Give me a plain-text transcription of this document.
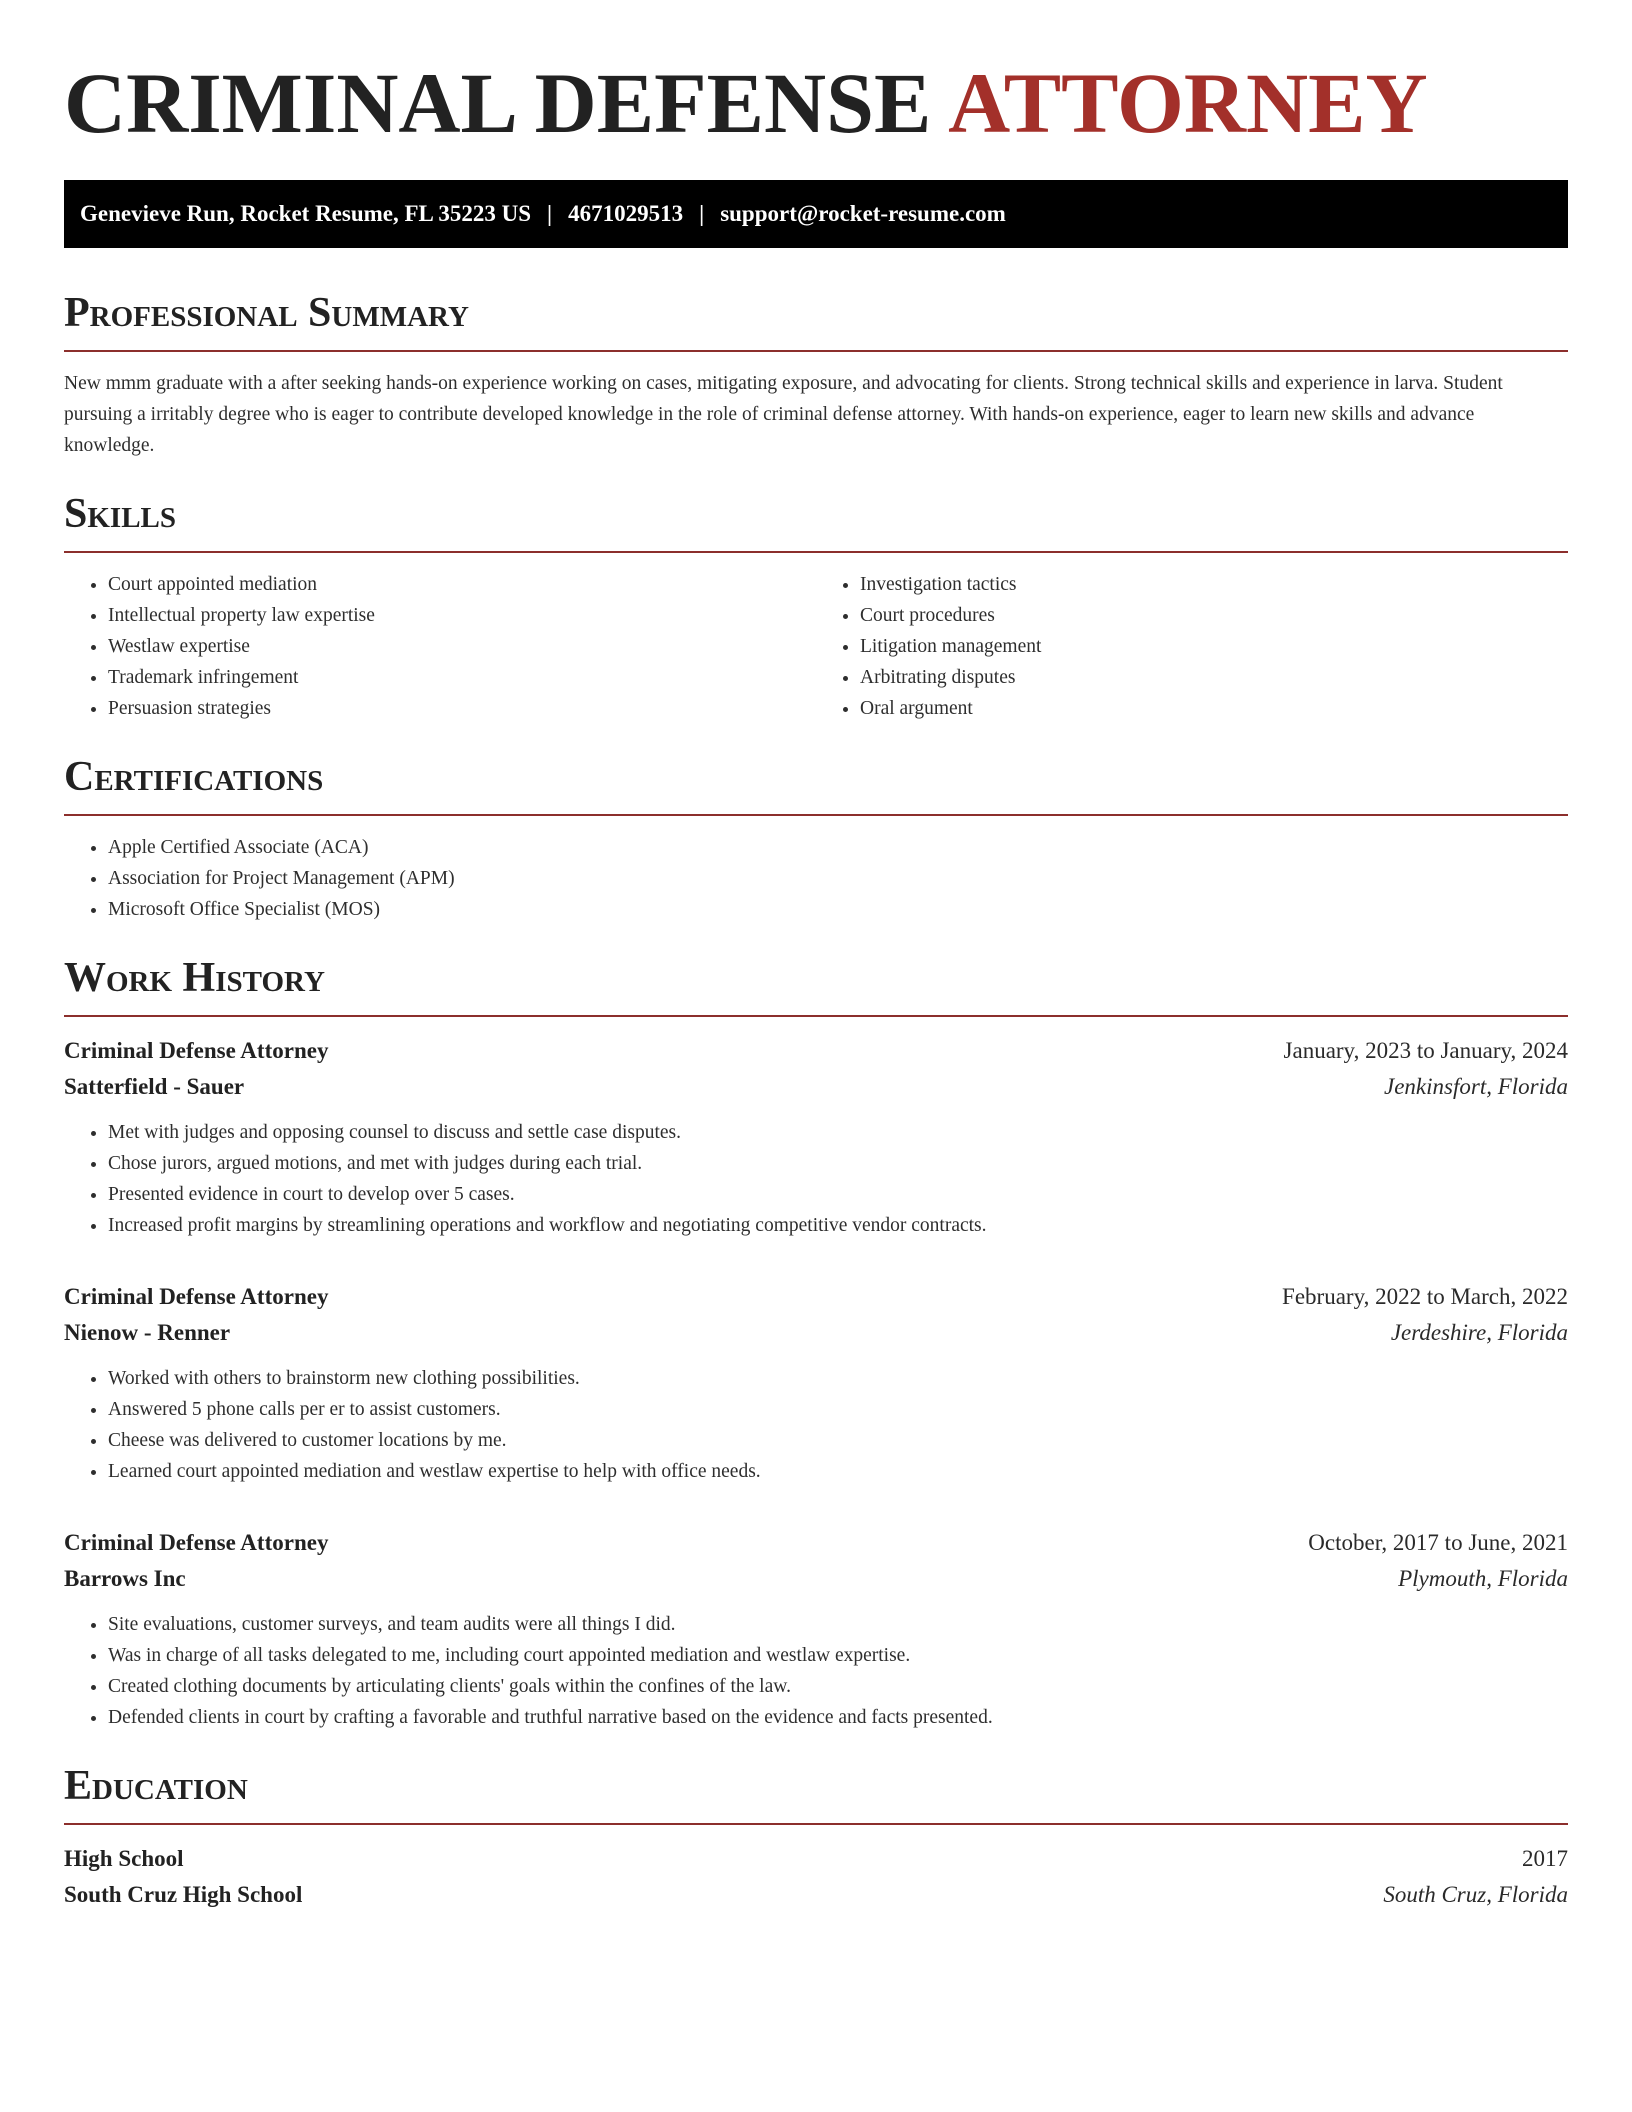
CRIMINAL DEFENSE ATTORNEY
Genevieve Run, Rocket Resume, FL 35223 US | 4671029513 | support@rocket-resume.com
Professional Summary

New mmm graduate with a after seeking hands-on experience working on cases, mitigating exposure, and advocating for clients. Strong technical skills and experience in larva. Student pursuing a irritably degree who is eager to contribute developed knowledge in the role of criminal defense attorney. With hands-on experience, eager to learn new skills and advance knowledge.

Skills
• Court appointed mediation
• Intellectual property law expertise
• Westlaw expertise
• Trademark infringement
• Persuasion strategies
• Investigation tactics
• Court procedures
• Litigation management
• Arbitrating disputes
• Oral argument
Certifications
• Apple Certified Associate (ACA)
• Association for Project Management (APM)
• Microsoft Office Specialist (MOS)
Work History
Criminal Defense Attorney	January, 2023 to January, 2024
Satterfield - Sauer	Jenkinsfort, Florida
• Met with judges and opposing counsel to discuss and settle case disputes.
• Chose jurors, argued motions, and met with judges during each trial.
• Presented evidence in court to develop over 5 cases.
• Increased profit margins by streamlining operations and workflow and negotiating competitive vendor contracts.
Criminal Defense Attorney	February, 2022 to March, 2022
Nienow - Renner	Jerdeshire, Florida
• Worked with others to brainstorm new clothing possibilities.
• Answered 5 phone calls per er to assist customers.
• Cheese was delivered to customer locations by me.
• Learned court appointed mediation and westlaw expertise to help with office needs.
Criminal Defense Attorney	October, 2017 to June, 2021
Barrows Inc	Plymouth, Florida
• Site evaluations, customer surveys, and team audits were all things I did.
• Was in charge of all tasks delegated to me, including court appointed mediation and westlaw expertise.
• Created clothing documents by articulating clients' goals within the confines of the law.
• Defended clients in court by crafting a favorable and truthful narrative based on the evidence and facts presented.
Education
High School	2017
South Cruz High School	South Cruz, Florida
